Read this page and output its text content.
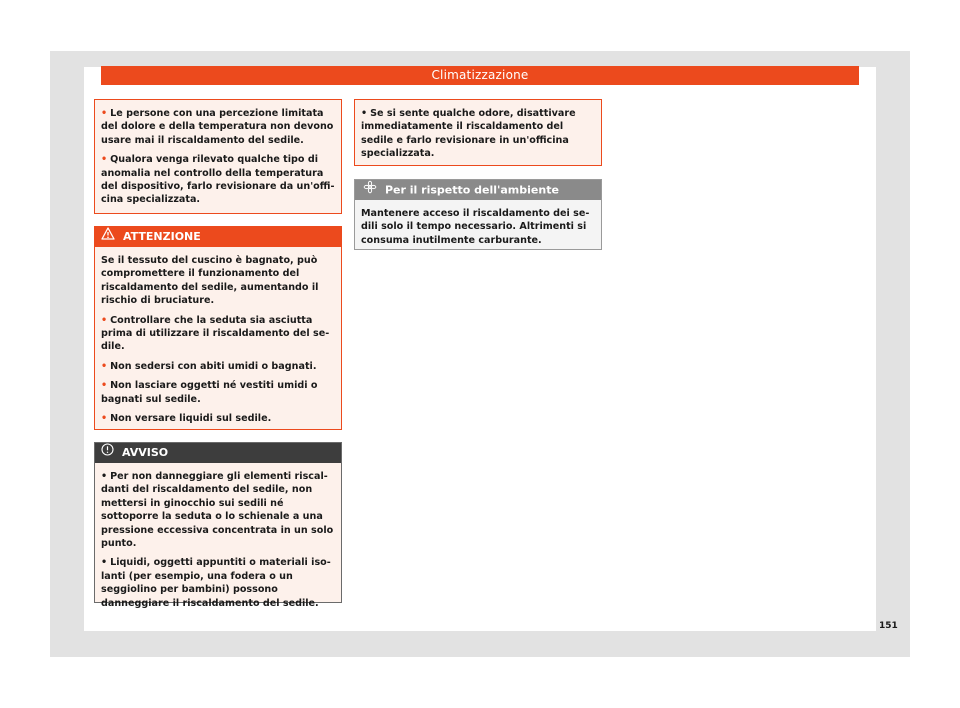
Climatizzazione

• Le persone con una percezione limitata del dolore e della temperatura non devono usare mai il riscaldamento del sedile.

• Qualora venga rilevato qualche tipo di anomalia nel controllo della temperatura del dispositivo, farlo revisionare da un'officina specializzata.

ATTENZIONE

Se il tessuto del cuscino è bagnato, può compromettere il funzionamento del riscaldamento del sedile, aumentando il rischio di bruciature.

• Controllare che la seduta sia asciutta prima di utilizzare il riscaldamento del sedile.

• Non sedersi con abiti umidi o bagnati.

• Non lasciare oggetti né vestiti umidi o bagnati sul sedile.

• Non versare liquidi sul sedile.

AVVISO

• Per non danneggiare gli elementi riscaldanti del riscaldamento del sedile, non mettersi in ginocchio sui sedili né sottoporre la seduta o lo schienale a una pressione eccessiva concentrata in un solo punto.

• Liquidi, oggetti appuntiti o materiali isolanti (per esempio, una fodera o un seggiolino per bambini) possono danneggiare il riscaldamento del sedile.

• Se si sente qualche odore, disattivare immediatamente il riscaldamento del sedile e farlo revisionare in un'officina specializzata.

Per il rispetto dell'ambiente

Mantenere acceso il riscaldamento dei sedili solo il tempo necessario. Altrimenti si consuma inutilmente carburante.

151
